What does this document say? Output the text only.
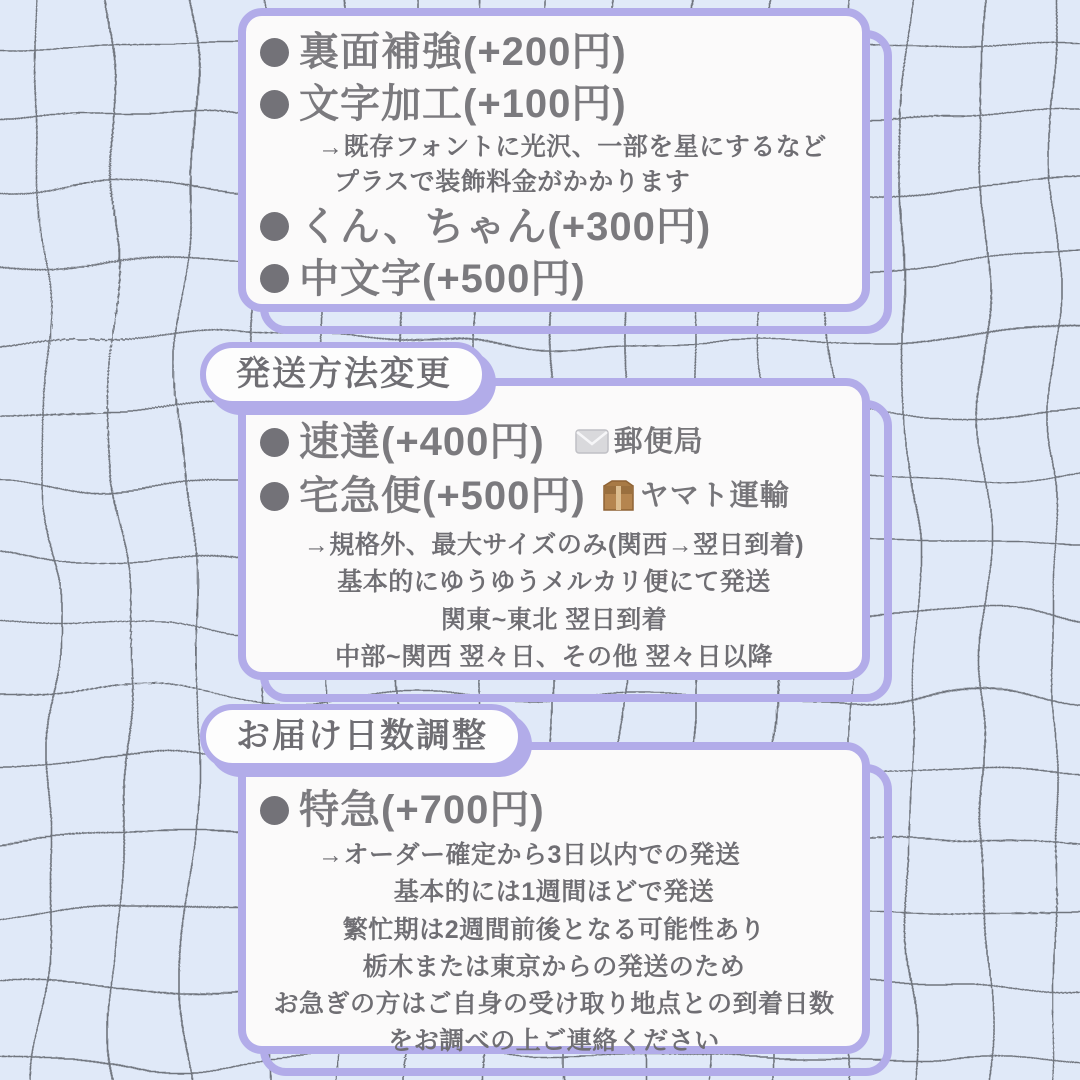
裏面補強(+200円)
文字加工(+100円)
→既存フォントに光沢、一部を星にするなど
プラスで装飾料金がかかります
くん、ちゃん(+300円)
中文字(+500円)
発送方法変更
速達(+400円) 郵便局
宅急便(+500円) ヤマト運輸
→規格外、最大サイズのみ(関西→翌日到着)
基本的にゆうゆうメルカリ便にて発送
関東~東北 翌日到着
中部~関西 翌々日、その他 翌々日以降
お届け日数調整
特急(+700円)
→オーダー確定から3日以内での発送
基本的には1週間ほどで発送
繁忙期は2週間前後となる可能性あり
栃木または東京からの発送のため
お急ぎの方はご自身の受け取り地点との到着日数
をお調べの上ご連絡ください
